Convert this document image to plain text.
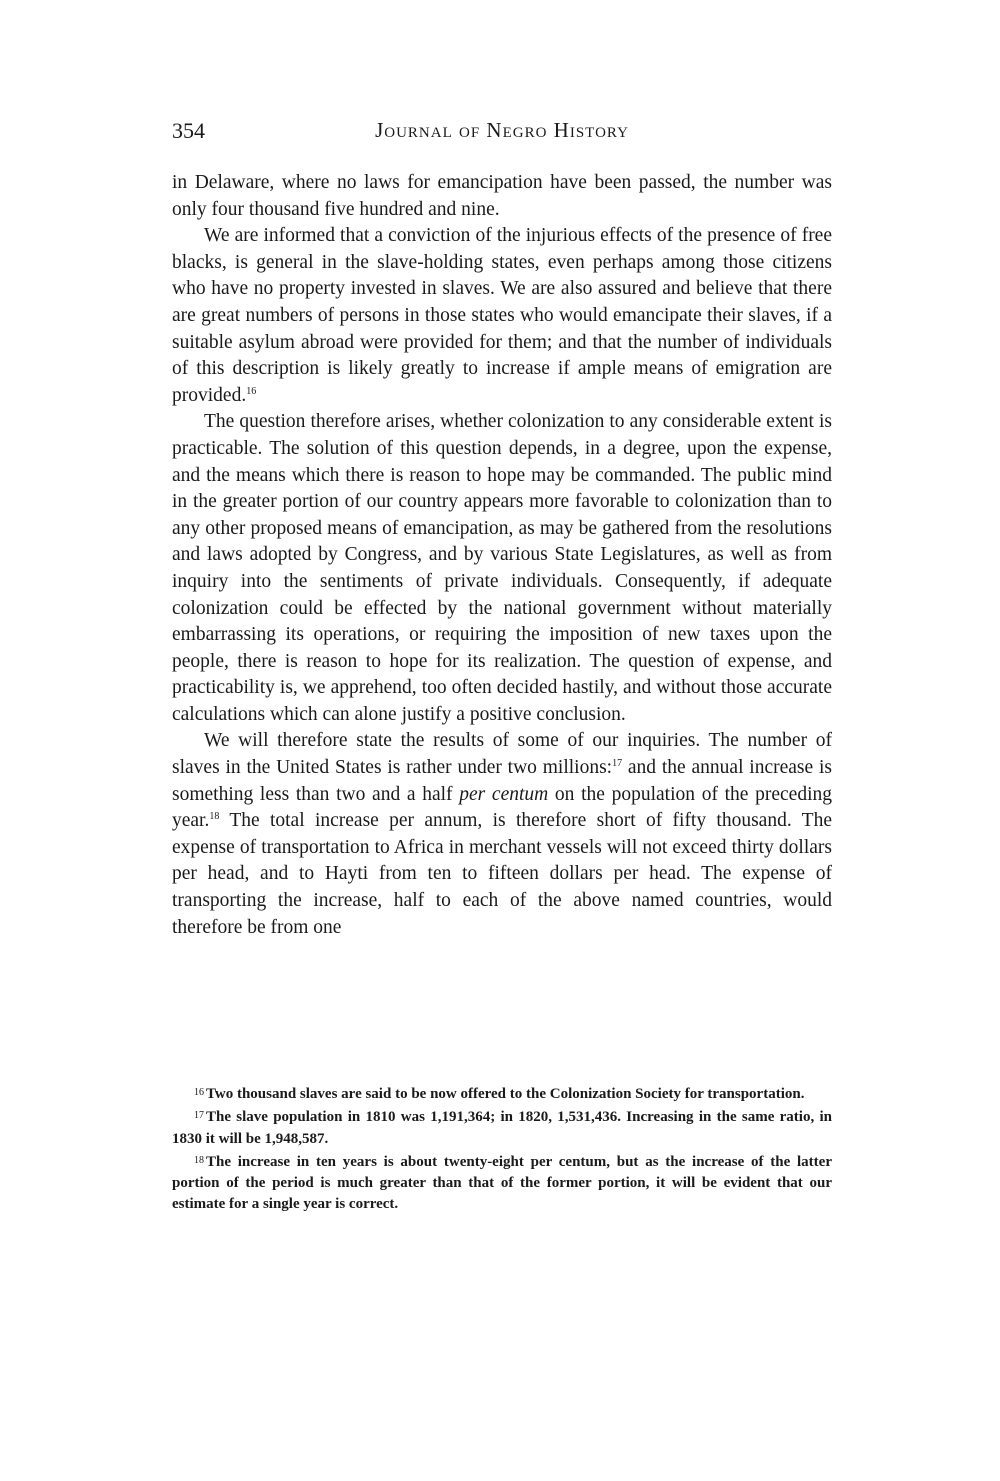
354	Journal of Negro History

in Delaware, where no laws for emancipation have been passed, the number was only four thousand five hundred and nine.

We are informed that a conviction of the injurious effects of the presence of free blacks, is general in the slave-holding states, even perhaps among those citizens who have no property invested in slaves. We are also assured and believe that there are great numbers of persons in those states who would emancipate their slaves, if a suitable asylum abroad were provided for them; and that the number of individuals of this description is likely greatly to increase if ample means of emigration are provided.$^{16}$

The question therefore arises, whether colonization to any considerable extent is practicable. The solution of this question depends, in a degree, upon the expense, and the means which there is reason to hope may be commanded. The public mind in the greater portion of our country appears more favorable to colonization than to any other proposed means of emancipation, as may be gathered from the resolutions and laws adopted by Congress, and by various State Legislatures, as well as from inquiry into the sentiments of private individuals. Consequently, if adequate colonization could be effected by the national government without materially embarrassing its operations, or requiring the imposition of new taxes upon the people, there is reason to hope for its realization. The question of expense, and practicability is, we apprehend, too often decided hastily, and without those accurate calculations which can alone justify a positive conclusion.

We will therefore state the results of some of our inquiries. The number of slaves in the United States is rather under two millions:$^{17}$ and the annual increase is something less than two and a half per centum on the population of the preceding year.$^{18}$ The total increase per annum, is therefore short of fifty thousand. The expense of transportation to Africa in merchant vessels will not exceed thirty dollars per head, and to Hayti from ten to fifteen dollars per head. The expense of transporting the increase, half to each of the above named countries, would therefore be from one

$^{16}$ Two thousand slaves are said to be now offered to the Colonization Society for transportation.

$^{17}$ The slave population in 1810 was 1,191,364; in 1820, 1,531,436. Increasing in the same ratio, in 1830 it will be 1,948,587.

$^{18}$ The increase in ten years is about twenty-eight per centum, but as the increase of the latter portion of the period is much greater than that of the former portion, it will be evident that our estimate for a single year is correct.
